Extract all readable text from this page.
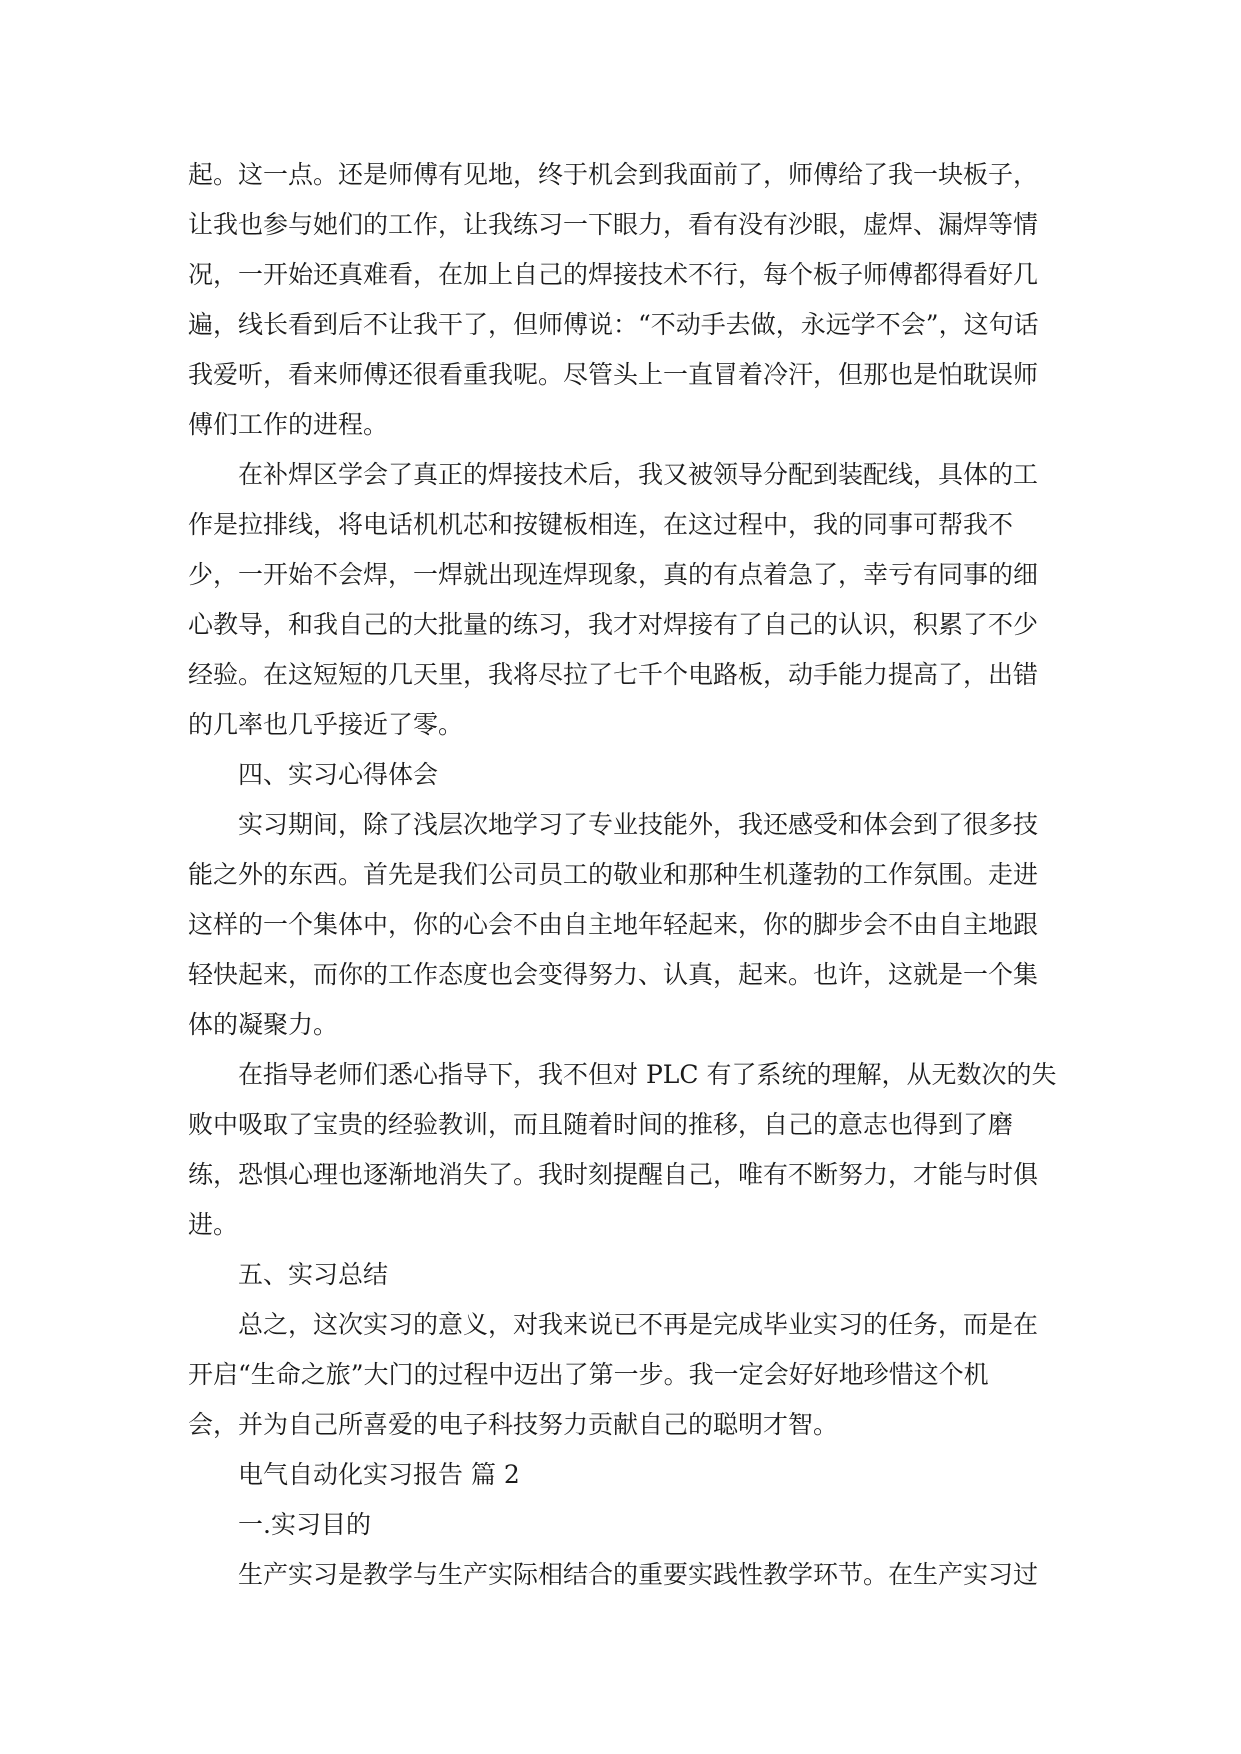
起。这一点。还是师傅有见地，终于机会到我面前了，师傅给了我一块板子，
让我也参与她们的工作，让我练习一下眼力，看有没有沙眼，虚焊、漏焊等情
况，一开始还真难看，在加上自己的焊接技术不行，每个板子师傅都得看好几
遍，线长看到后不让我干了，但师傅说：“不动手去做，永远学不会”，这句话
我爱听，看来师傅还很看重我呢。尽管头上一直冒着冷汗，但那也是怕耽误师
傅们工作的进程。
在补焊区学会了真正的焊接技术后，我又被领导分配到装配线，具体的工
作是拉排线，将电话机机芯和按键板相连，在这过程中，我的同事可帮我不
少，一开始不会焊，一焊就出现连焊现象，真的有点着急了，幸亏有同事的细
心教导，和我自己的大批量的练习，我才对焊接有了自己的认识，积累了不少
经验。在这短短的几天里，我将尽拉了七千个电路板，动手能力提高了，出错
的几率也几乎接近了零。
四、实习心得体会
实习期间，除了浅层次地学习了专业技能外，我还感受和体会到了很多技
能之外的东西。首先是我们公司员工的敬业和那种生机蓬勃的工作氛围。走进
这样的一个集体中，你的心会不由自主地年轻起来，你的脚步会不由自主地跟
轻快起来，而你的工作态度也会变得努力、认真，起来。也许，这就是一个集
体的凝聚力。
在指导老师们悉心指导下，我不但对 PLC 有了系统的理解，从无数次的失
败中吸取了宝贵的经验教训，而且随着时间的推移，自己的意志也得到了磨
练，恐惧心理也逐渐地消失了。我时刻提醒自己，唯有不断努力，才能与时俱
进。
五、实习总结
总之，这次实习的意义，对我来说已不再是完成毕业实习的任务，而是在
开启“生命之旅”大门的过程中迈出了第一步。我一定会好好地珍惜这个机
会，并为自己所喜爱的电子科技努力贡献自己的聪明才智。
电气自动化实习报告 篇 2
一.实习目的
生产实习是教学与生产实际相结合的重要实践性教学环节。在生产实习过
